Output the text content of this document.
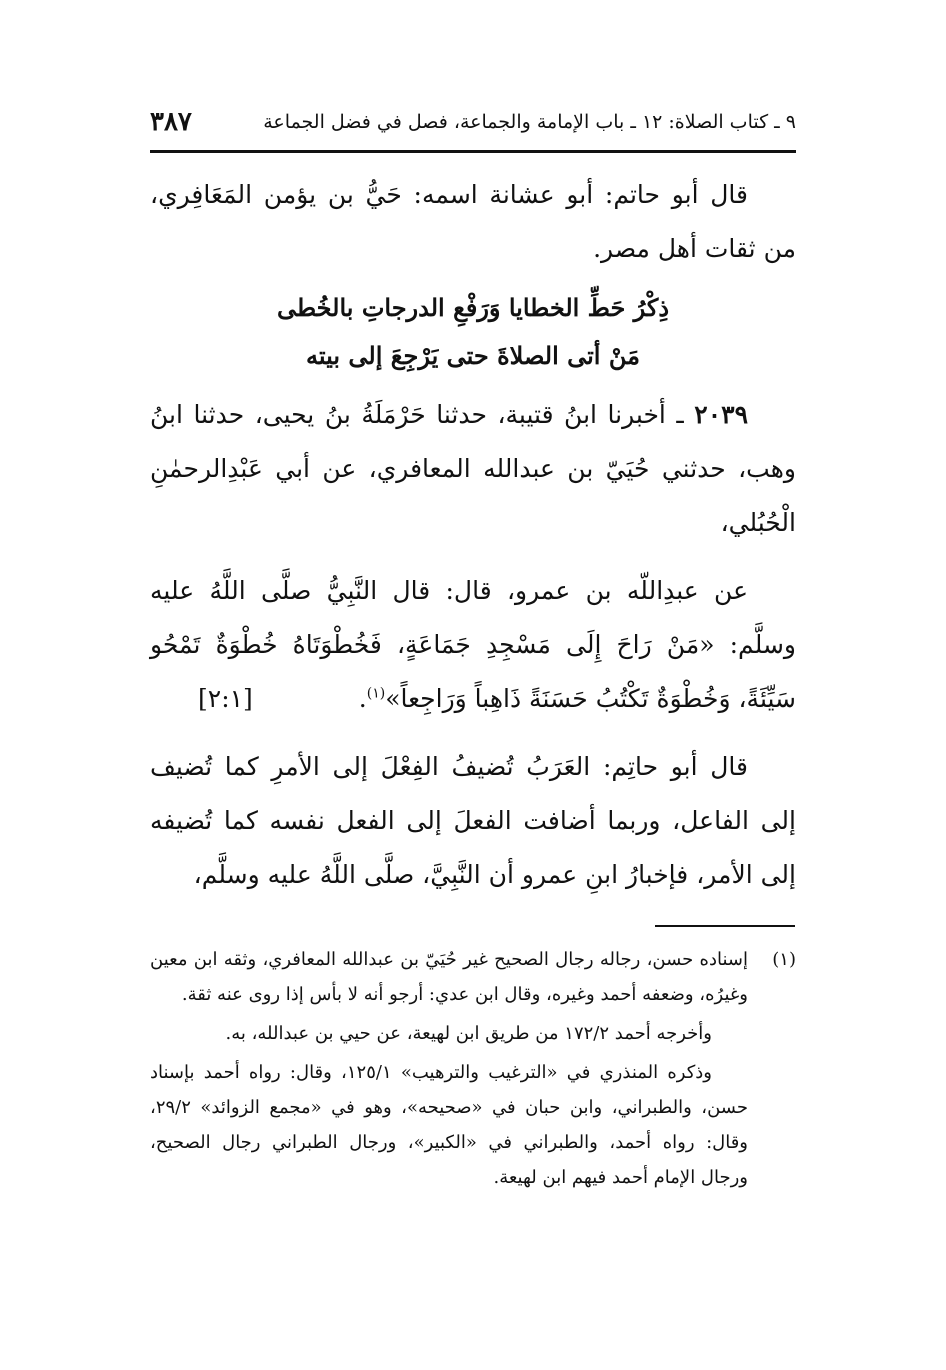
٩ ـ كتاب الصلاة: ١٢ ـ باب الإمامة والجماعة، فصل في فضل الجماعة
٣٨٧

قال أبو حاتم: أبو عشانة اسمه: حَيُّ بن يؤمن المَعَافِري، من ثقات أهل مصر.

ذِكْرُ حَطِّ الخطايا وَرَفْعِ الدرجاتِ بالخُطى

مَنْ أتى الصلاةَ حتى يَرْجِعَ إلى بيته

٢٠٣٩ ـ أخبرنا ابنُ قتيبة، حدثنا حَرْمَلَةُ بنُ يحيى، حدثنا ابنُ وهب، حدثني حُيَيّ بن عبدالله المعافري، عن أبي عَبْدِالرحمٰنِ الْحُبُلي،

عن عبدِاللّه بن عمرو، قال: قال النَّبِيُّ صلَّى اللَّهُ عليه وسلَّم: «مَنْ رَاحَ إِلَى مَسْجِدِ جَمَاعَةٍ، فَخُطْوَتَاهُ خُطْوَةٌ تَمْحُو سَيِّئَةً، وَخُطْوَةٌ تَكْتُبُ حَسَنَةً ذَاهِباً وَرَاجِعاً»$^{(١)}$.
[٢:١]

قال أبو حاتِم: العَرَبُ تُضيفُ الفِعْلَ إلى الأمرِ كما تُضيف إلى الفاعل، وربما أضافت الفعلَ إلى الفعل نفسه كما تُضيفه إلى الأمر، فإخبارُ ابنِ عمرو أن النَّبِيَّ، صلَّى اللَّهُ عليه وسلَّم،

(١)
إسناده حسن، رجاله رجال الصحيح غير حُيَيّ بن عبدالله المعافري، وثقه ابن معين وغيرُه، وضعفه أحمد وغيره، وقال ابن عدي: أرجو أنه لا بأس إذا روى عنه ثقة.

وأخرجه أحمد ١٧٢/٢ من طريق ابن لهيعة، عن حيي بن عبدالله، به.

وذكره المنذري في «الترغيب والترهيب» ١٢٥/١، وقال: رواه أحمد بإسناد حسن، والطبراني، وابن حبان في «صحيحه»، وهو في «مجمع الزوائد» ٢٩/٢، وقال: رواه أحمد، والطبراني في «الكبير»، ورجال الطبراني رجال الصحيح، ورجال الإمام أحمد فيهم ابن لهيعة.
